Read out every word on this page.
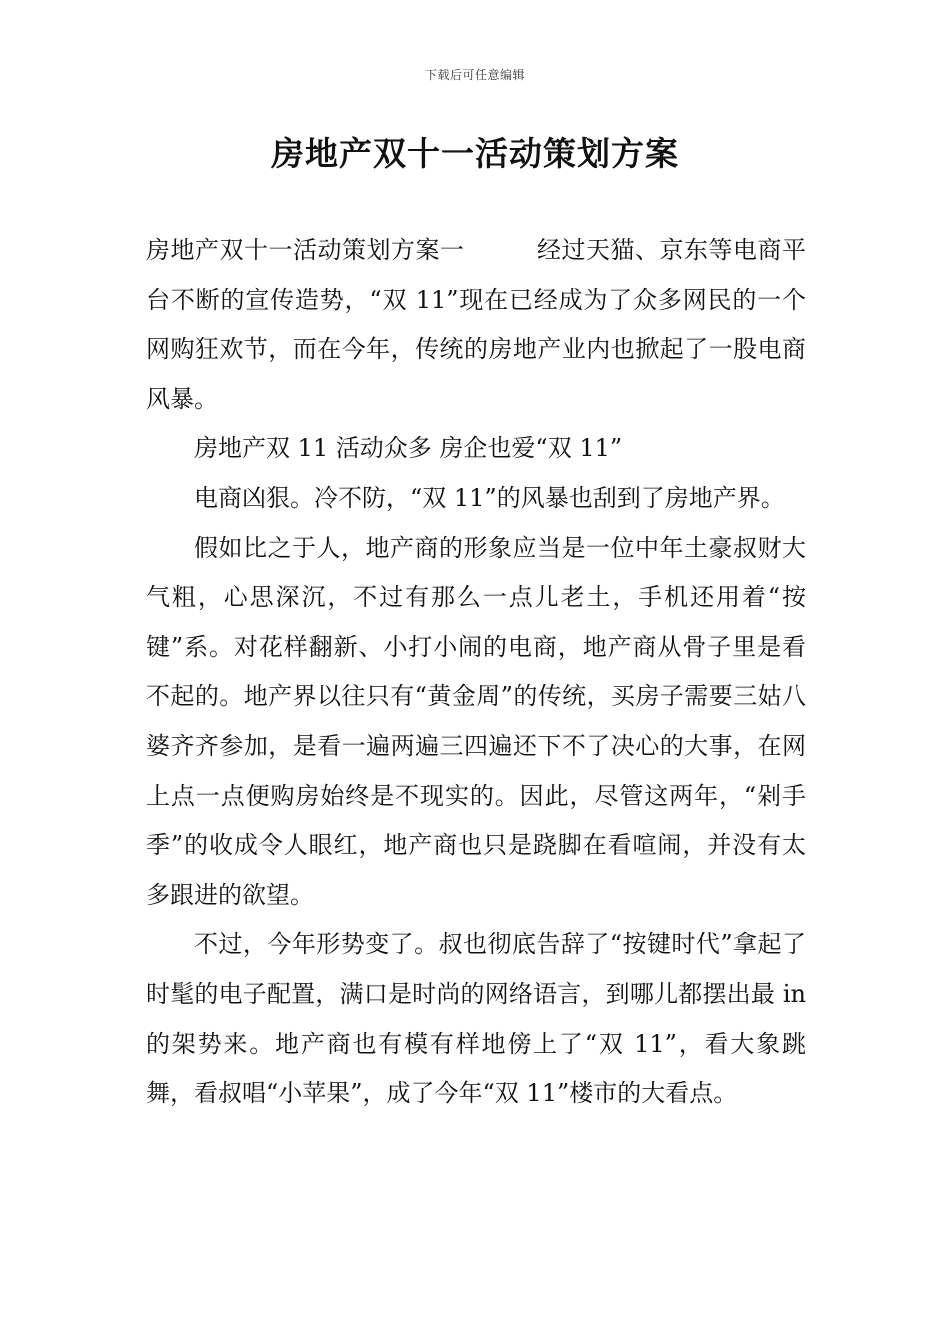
下载后可任意编辑
房地产双十一活动策划方案

房地产双十一活动策划方案一	经过天猫、京东等电商平台不断的宣传造势，“双 11”现在已经成为了众多网民的一个网购狂欢节，而在今年，传统的房地产业内也掀起了一股电商风暴。

房地产双 11 活动众多 房企也爱“双 11”

电商凶狠。冷不防，“双 11”的风暴也刮到了房地产界。

假如比之于人，地产商的形象应当是一位中年土豪叔财大气粗，心思深沉，不过有那么一点儿老土，手机还用着“按键”系。对花样翻新、小打小闹的电商，地产商从骨子里是看不起的。地产界以往只有“黄金周”的传统，买房子需要三姑八婆齐齐参加，是看一遍两遍三四遍还下不了决心的大事，在网上点一点便购房始终是不现实的。因此，尽管这两年，“剁手季”的收成令人眼红，地产商也只是跷脚在看喧闹，并没有太多跟进的欲望。

不过，今年形势变了。叔也彻底告辞了“按键时代”拿起了时髦的电子配置，满口是时尚的网络语言，到哪儿都摆出最 in 的架势来。地产商也有模有样地傍上了“双 11”，看大象跳舞，看叔唱“小苹果”，成了今年“双 11”楼市的大看点。
